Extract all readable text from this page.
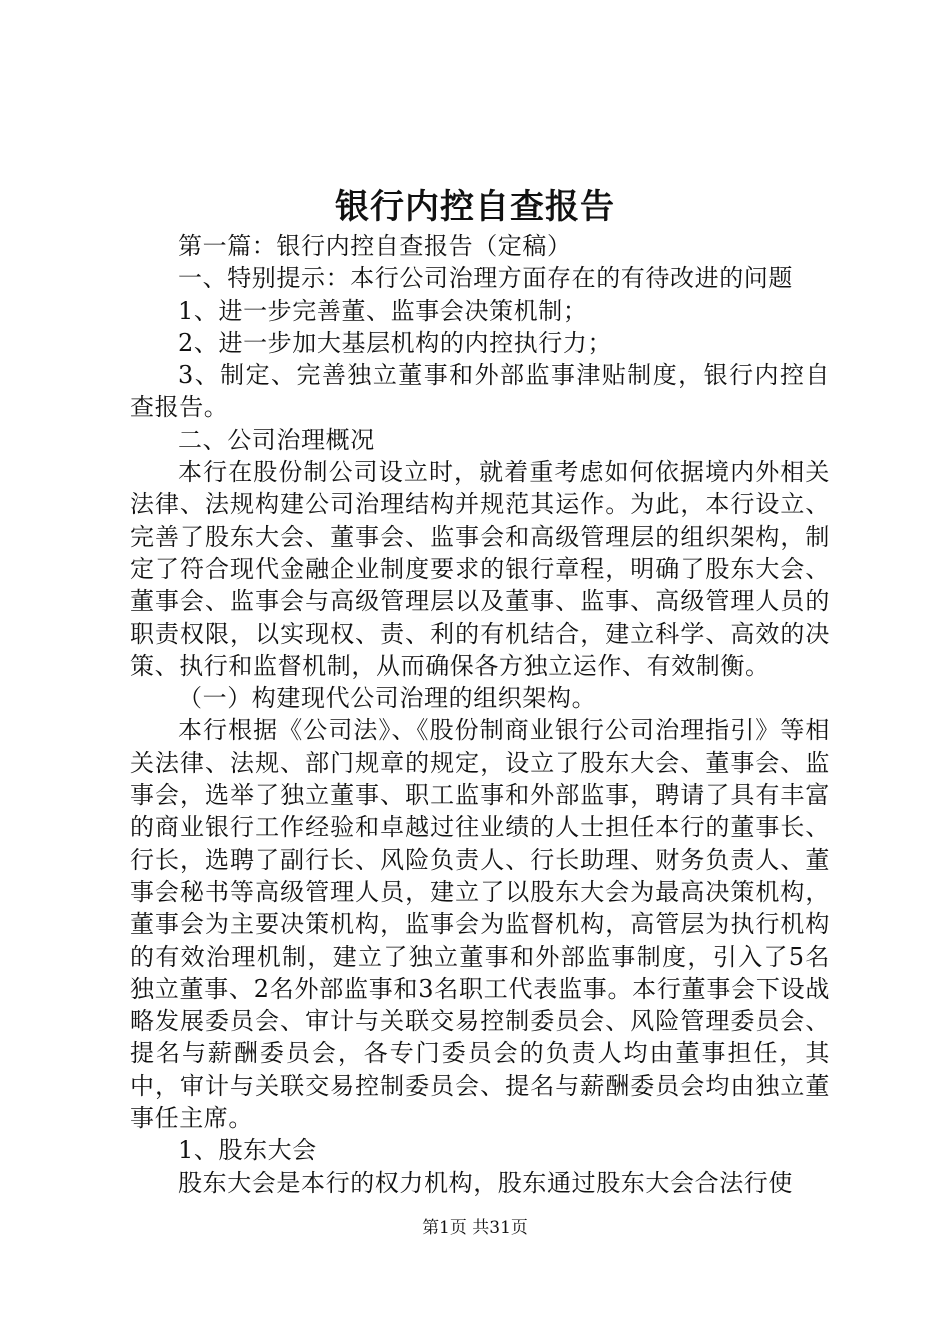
银行内控自查报告

第一篇：银行内控自查报告（定稿）

一、特别提示：本行公司治理方面存在的有待改进的问题

1、进一步完善董、监事会决策机制；

2、进一步加大基层机构的内控执行力；

3、制定、完善独立董事和外部监事津贴制度，银行内控自查报告。

二、公司治理概况

本行在股份制公司设立时，就着重考虑如何依据境内外相关法律、法规构建公司治理结构并规范其运作。为此，本行设立、完善了股东大会、董事会、监事会和高级管理层的组织架构，制定了符合现代金融企业制度要求的银行章程，明确了股东大会、董事会、监事会与高级管理层以及董事、监事、高级管理人员的职责权限，以实现权、责、利的有机结合，建立科学、高效的决策、执行和监督机制，从而确保各方独立运作、有效制衡。

（一）构建现代公司治理的组织架构。

本行根据《公司法》、《股份制商业银行公司治理指引》等相关法律、法规、部门规章的规定，设立了股东大会、董事会、监事会，选举了独立董事、职工监事和外部监事，聘请了具有丰富的商业银行工作经验和卓越过往业绩的人士担任本行的董事长、行长，选聘了副行长、风险负责人、行长助理、财务负责人、董事会秘书等高级管理人员，建立了以股东大会为最高决策机构，董事会为主要决策机构，监事会为监督机构，高管层为执行机构的有效治理机制，建立了独立董事和外部监事制度，引入了5名独立董事、2名外部监事和3名职工代表监事。本行董事会下设战略发展委员会、审计与关联交易控制委员会、风险管理委员会、提名与薪酬委员会，各专门委员会的负责人均由董事担任，其中，审计与关联交易控制委员会、提名与薪酬委员会均由独立董事任主席。

1、股东大会

股东大会是本行的权力机构，股东通过股东大会合法行使

第1页 共31页
